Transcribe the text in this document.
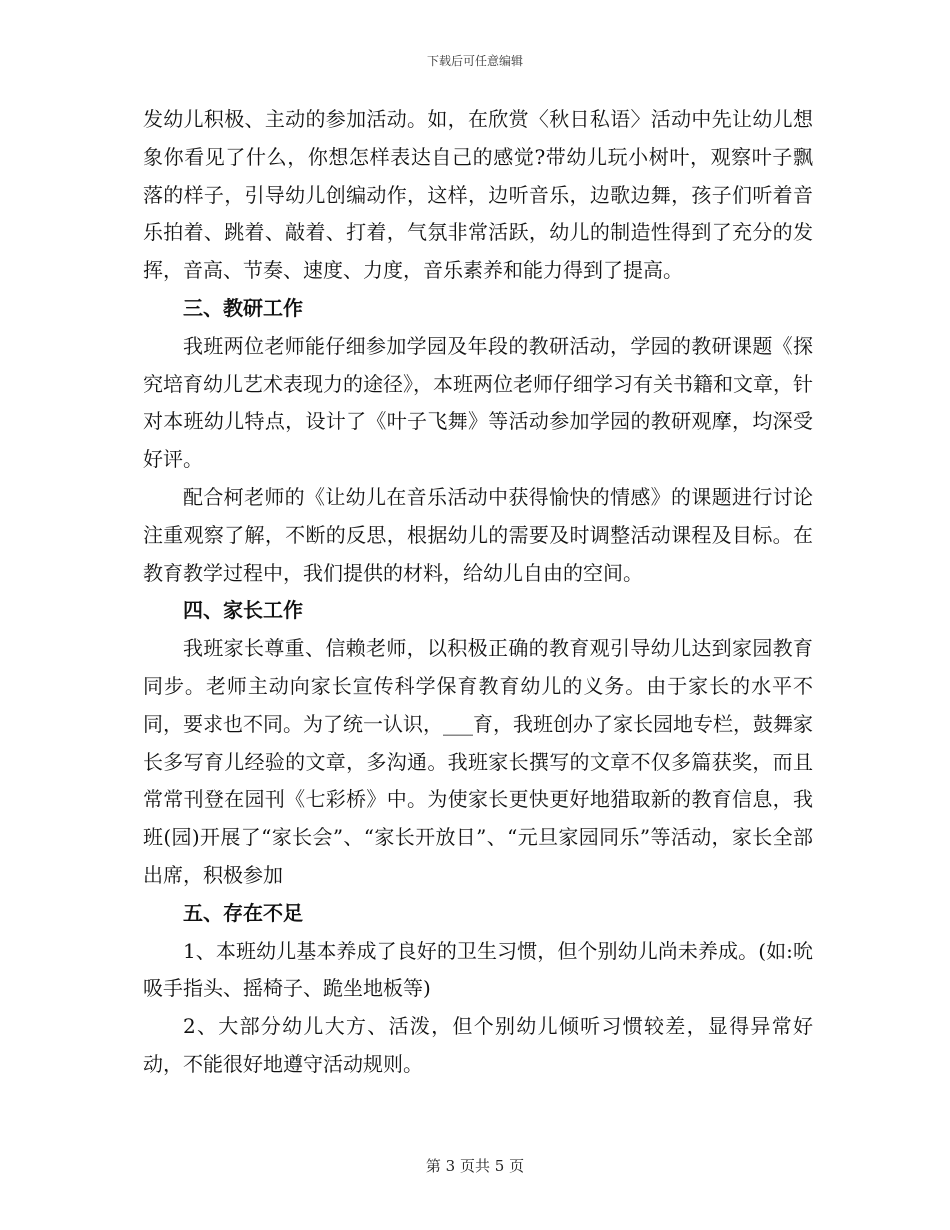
下载后可任意编辑

发幼儿积极、主动的参加活动。如，在欣赏〈秋日私语〉活动中先让幼儿想象你看见了什么，你想怎样表达自己的感觉?带幼儿玩小树叶，观察叶子飘落的样子，引导幼儿创编动作，这样，边听音乐，边歌边舞，孩子们听着音乐拍着、跳着、敲着、打着，气氛非常活跃，幼儿的制造性得到了充分的发挥，音高、节奏、速度、力度，音乐素养和能力得到了提高。

三、教研工作

我班两位老师能仔细参加学园及年段的教研活动，学园的教研课题《探究培育幼儿艺术表现力的途径》，本班两位老师仔细学习有关书籍和文章，针对本班幼儿特点，设计了《叶子飞舞》等活动参加学园的教研观摩，均深受好评。

配合柯老师的《让幼儿在音乐活动中获得愉快的情感》的课题进行讨论注重观察了解，不断的反思，根据幼儿的需要及时调整活动课程及目标。在教育教学过程中，我们提供的材料，给幼儿自由的空间。

四、家长工作

我班家长尊重、信赖老师，以积极正确的教育观引导幼儿达到家园教育同步。老师主动向家长宣传科学保育教育幼儿的义务。由于家长的水平不同，要求也不同。为了统一认识，___育，我班创办了家长园地专栏，鼓舞家长多写育儿经验的文章，多沟通。我班家长撰写的文章不仅多篇获奖，而且常常刊登在园刊《七彩桥》中。为使家长更快更好地猎取新的教育信息，我班(园)开展了“家长会”、“家长开放日”、“元旦家园同乐”等活动，家长全部出席，积极参加

五、存在不足

1、本班幼儿基本养成了良好的卫生习惯，但个别幼儿尚未养成。(如:吮吸手指头、摇椅子、跪坐地板等)

2、大部分幼儿大方、活泼，但个别幼儿倾听习惯较差，显得异常好动，不能很好地遵守活动规则。

第 3 页共 5 页
